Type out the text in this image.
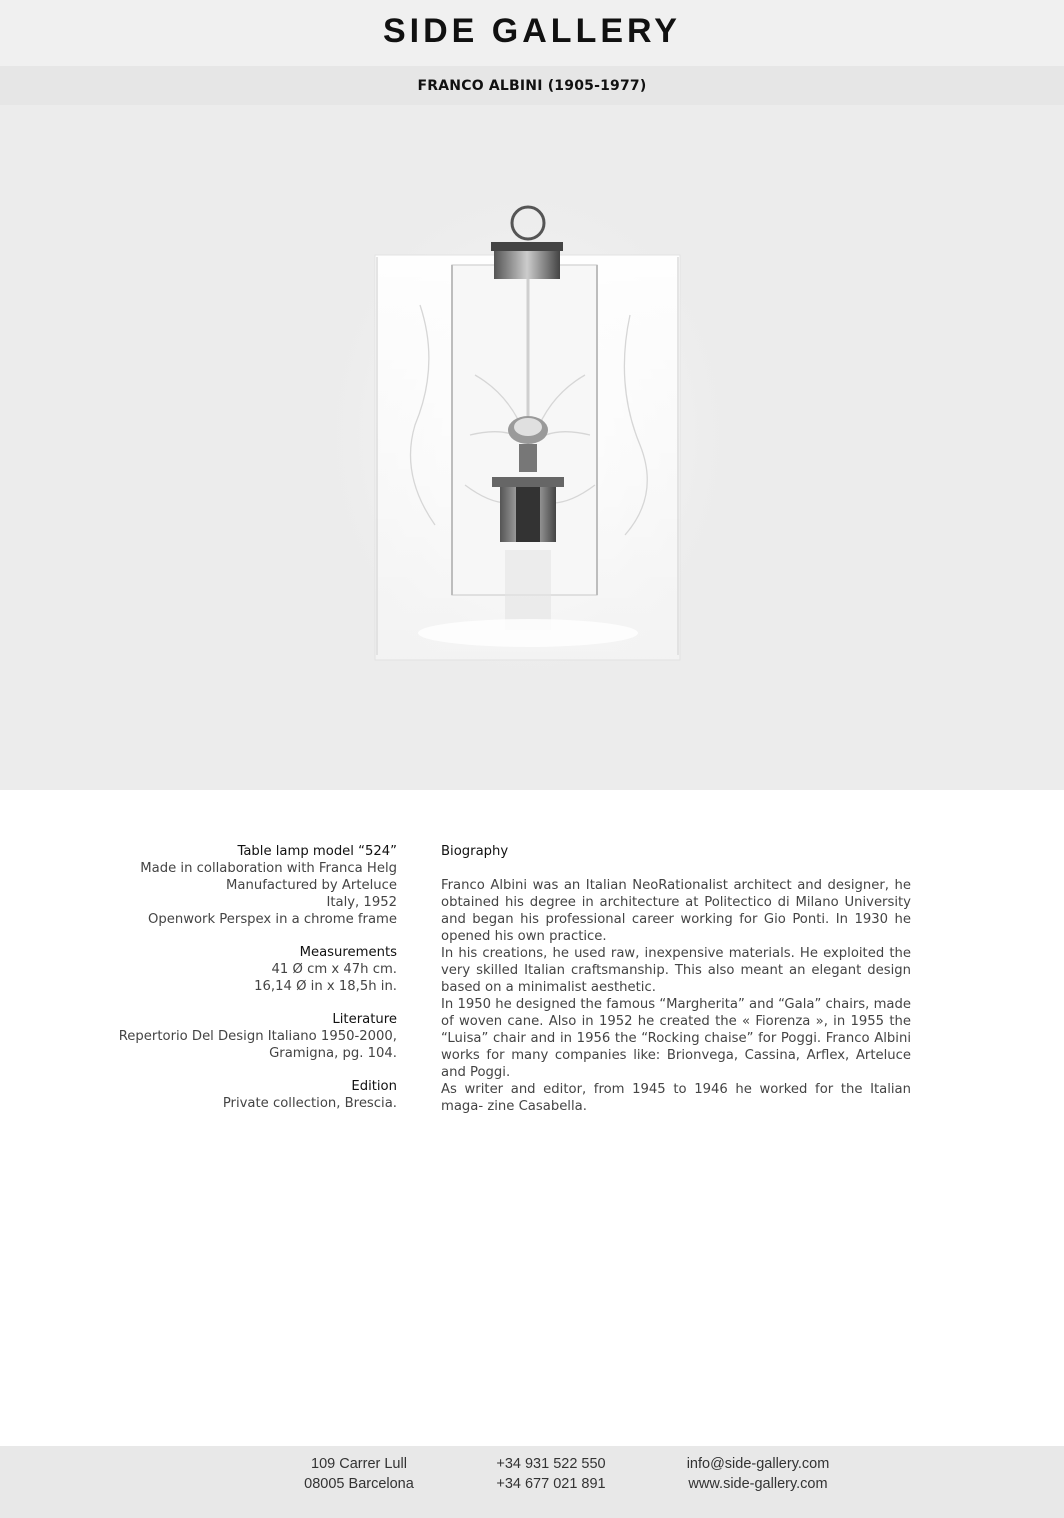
SIDE GALLERY
FRANCO ALBINI (1905-1977)
Table lamp model “524”
Made in collaboration with Franca Helg
Manufactured by Arteluce
Italy, 1952
Openwork Perspex in a chrome frame
Measurements
41 Ø cm x 47h cm.
16,14 Ø in x 18,5h in.
Literature
Repertorio Del Design Italiano 1950-2000,
Gramigna, pg. 104.
Edition
Private collection, Brescia.
Biography

Franco Albini was an Italian NeoRationalist architect and designer, he obtained his degree in architecture at Politectico di Milano University and began his professional career working for Gio Ponti. In 1930 he opened his own practice.

In his creations, he used raw, inexpensive materials. He exploited the very skilled Italian craftsmanship. This also meant an elegant design based on a minimalist aesthetic.

In 1950 he designed the famous “Margherita” and “Gala” chairs, made of woven cane. Also in 1952 he created the « Fiorenza », in 1955 the “Luisa” chair and in 1956 the “Rocking chaise” for Poggi. Franco Albini works for many companies like: Brionvega, Cassina, Arflex, Arteluce and Poggi.

As writer and editor, from 1945 to 1946 he worked for the Italian maga- zine Casabella.

109 Carrer Lull
08005 Barcelona
+34 931 522 550
+34 677 021 891
info@side-gallery.com
www.side-gallery.com
